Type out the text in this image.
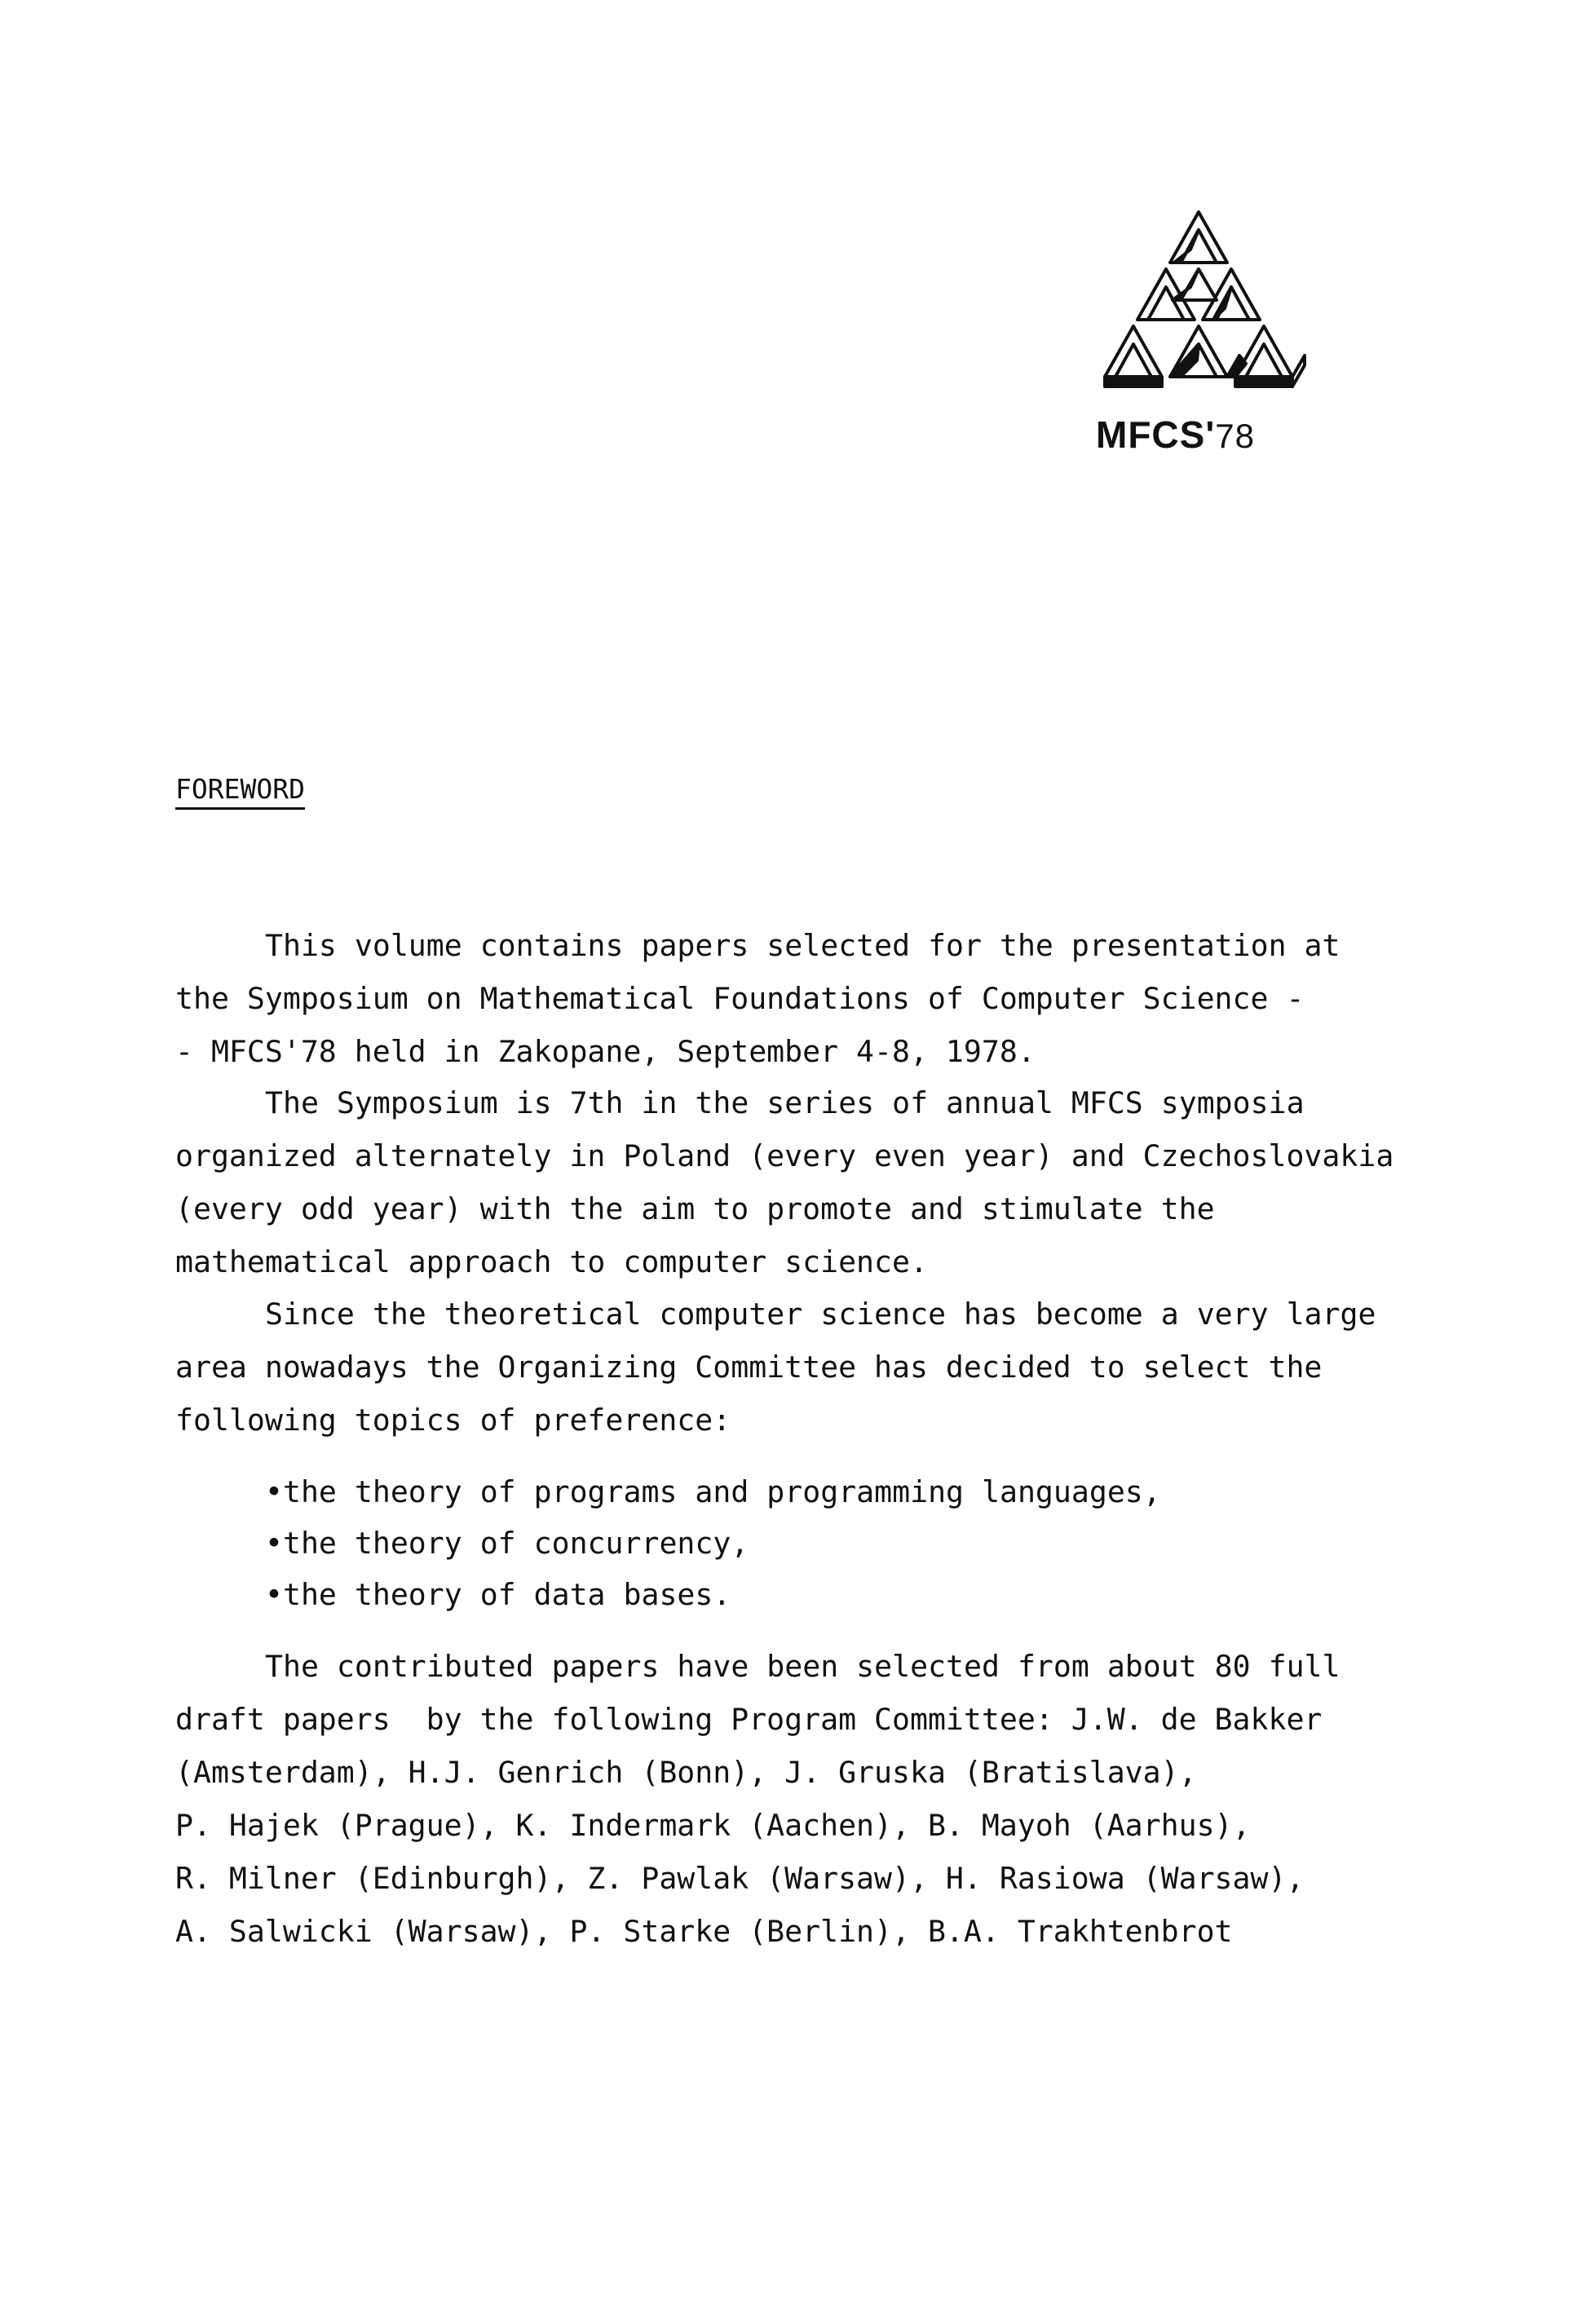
MFCS'78
FOREWORD
This volume contains papers selected for the presentation at
the Symposium on Mathematical Foundations of Computer Science -
- MFCS'78 held in Zakopane, September 4-8, 1978.
The Symposium is 7th in the series of annual MFCS symposia
organized alternately in Poland (every even year) and Czechoslovakia
(every odd year) with the aim to promote and stimulate the
mathematical approach to computer science.
Since the theoretical computer science has become a very large
area nowadays the Organizing Committee has decided to select the
following topics of preference:
•the theory of programs and programming languages,
•the theory of concurrency,
•the theory of data bases.
The contributed papers have been selected from about 80 full
draft papers  by the following Program Committee: J.W. de Bakker
(Amsterdam), H.J. Genrich (Bonn), J. Gruska (Bratislava),
P. Hajek (Prague), K. Indermark (Aachen), B. Mayoh (Aarhus),
R. Milner (Edinburgh), Z. Pawlak (Warsaw), H. Rasiowa (Warsaw),
A. Salwicki (Warsaw), P. Starke (Berlin), B.A. Trakhtenbrot
